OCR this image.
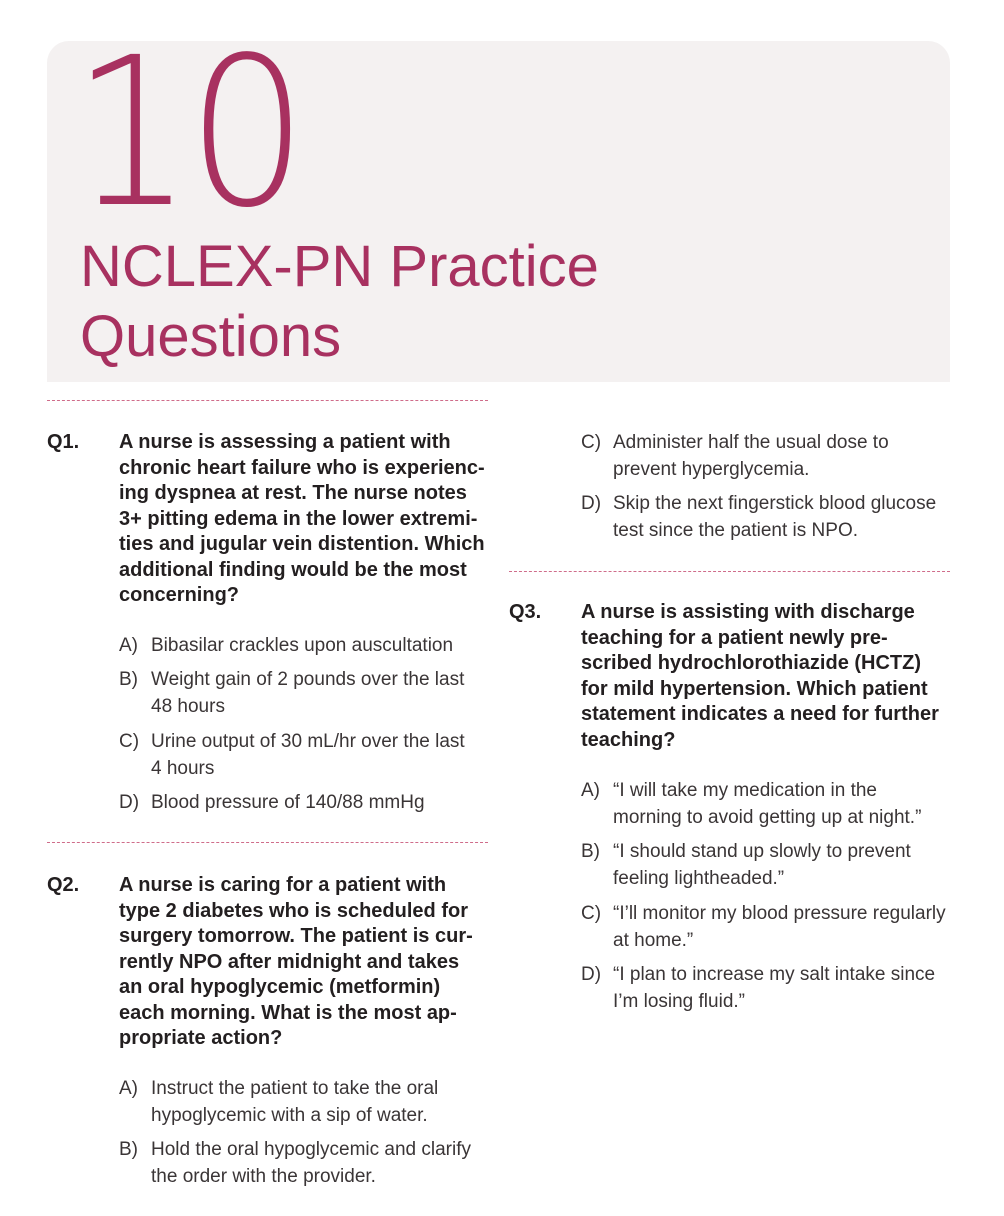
10
NCLEX-PN Practice
Questions
Q1. A nurse is assessing a patient with
chronic heart failure who is experienc-
ing dyspnea at rest. The nurse notes
3+ pitting edema in the lower extremi-
ties and jugular vein distention. Which
additional finding would be the most
concerning?
A) Bibasilar crackles upon auscultation
B) Weight gain of 2 pounds over the last
48 hours
C) Urine output of 30 mL/hr over the last
4 hours
D) Blood pressure of 140/88 mmHg
Q2. A nurse is caring for a patient with
type 2 diabetes who is scheduled for
surgery tomorrow. The patient is cur-
rently NPO after midnight and takes
an oral hypoglycemic (metformin)
each morning. What is the most ap-
propriate action?
A) Instruct the patient to take the oral
hypoglycemic with a sip of water.
B) Hold the oral hypoglycemic and clarify
the order with the provider.
C) Administer half the usual dose to
prevent hyperglycemia.
D) Skip the next fingerstick blood glucose
test since the patient is NPO.
Q3. A nurse is assisting with discharge
teaching for a patient newly pre-
scribed hydrochlorothiazide (HCTZ)
for mild hypertension. Which patient
statement indicates a need for further
teaching?
A) “I will take my medication in the
morning to avoid getting up at night.”
B) “I should stand up slowly to prevent
feeling lightheaded.”
C) “I’ll monitor my blood pressure regularly
at home.”
D) “I plan to increase my salt intake since
I’m losing fluid.”
